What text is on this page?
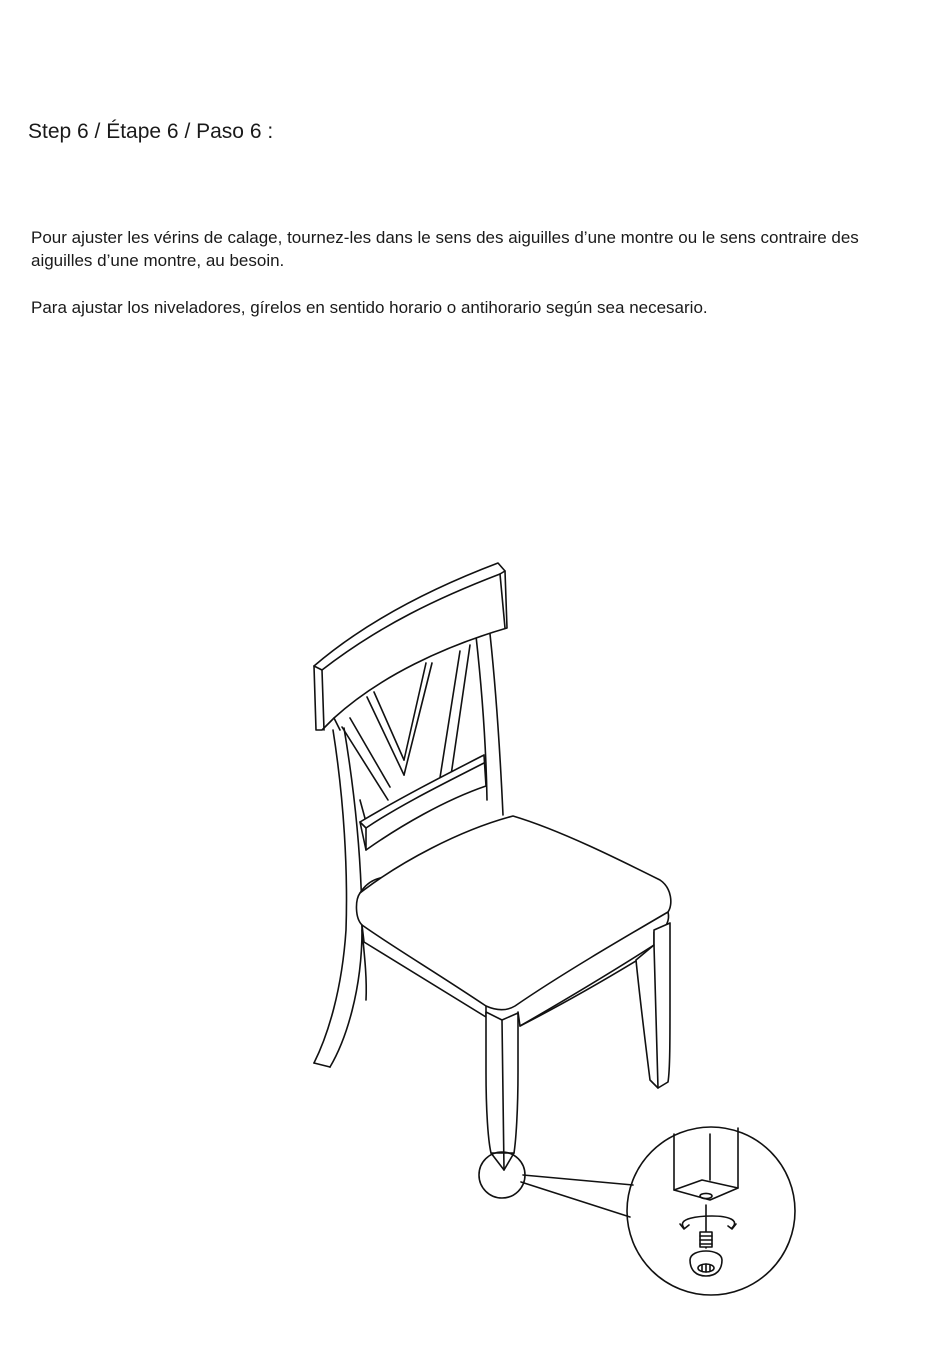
Step 6 / Étape 6 / Paso 6 :

Pour ajuster les vérins de calage, tournez-les dans le sens des aiguilles d’une montre ou le sens contraire des aiguilles d’une montre, au besoin.

Para ajustar los niveladores, gírelos en sentido horario o antihorario según sea necesario.
